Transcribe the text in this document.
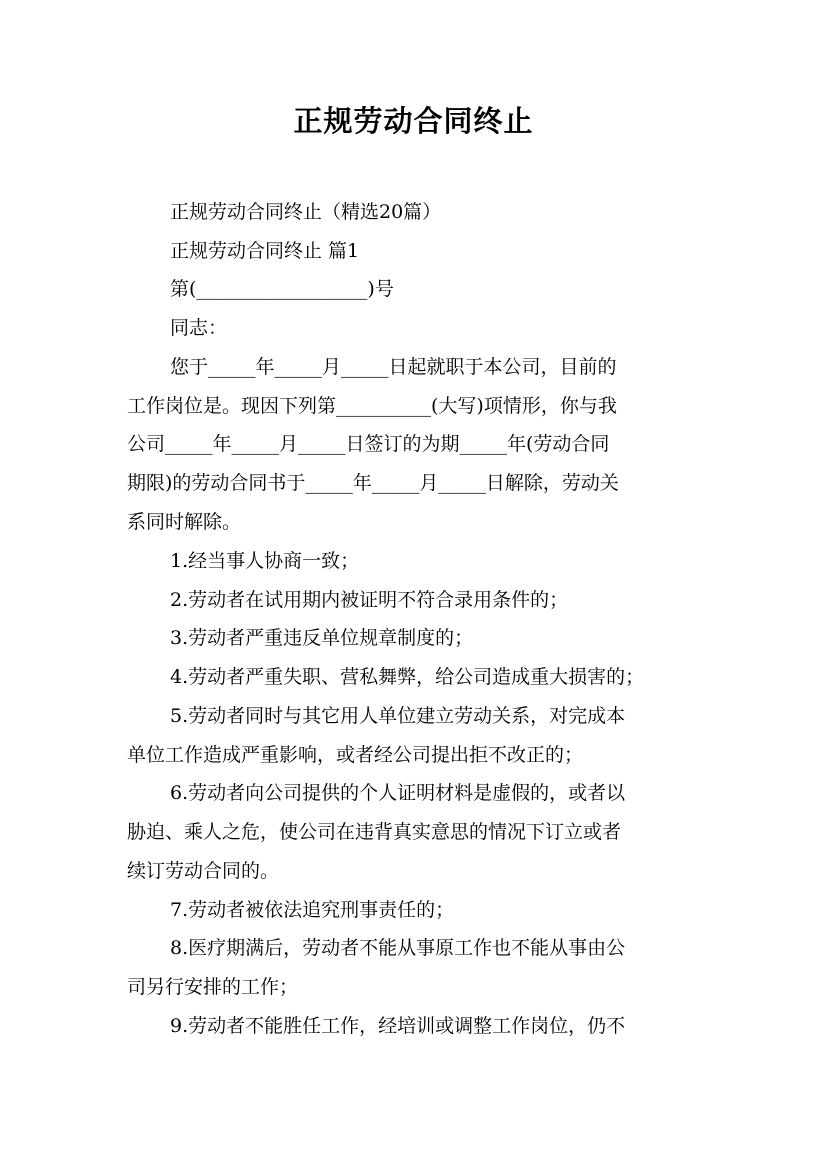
正规劳动合同终止
正规劳动合同终止（精选20篇）
正规劳动合同终止 篇1
第(__________________)号
同志：
您于_____年_____月_____日起就职于本公司，目前的
工作岗位是。现因下列第__________(大写)项情形，你与我
公司_____年_____月_____日签订的为期_____年(劳动合同
期限)的劳动合同书于_____年_____月_____日解除，劳动关
系同时解除。
1.经当事人协商一致；
2.劳动者在试用期内被证明不符合录用条件的；
3.劳动者严重违反单位规章制度的；
4.劳动者严重失职、营私舞弊，给公司造成重大损害的；
5.劳动者同时与其它用人单位建立劳动关系，对完成本
单位工作造成严重影响，或者经公司提出拒不改正的；
6.劳动者向公司提供的个人证明材料是虚假的，或者以
胁迫、乘人之危，使公司在违背真实意思的情况下订立或者
续订劳动合同的。
7.劳动者被依法追究刑事责任的；
8.医疗期满后，劳动者不能从事原工作也不能从事由公
司另行安排的工作；
9.劳动者不能胜任工作，经培训或调整工作岗位，仍不
